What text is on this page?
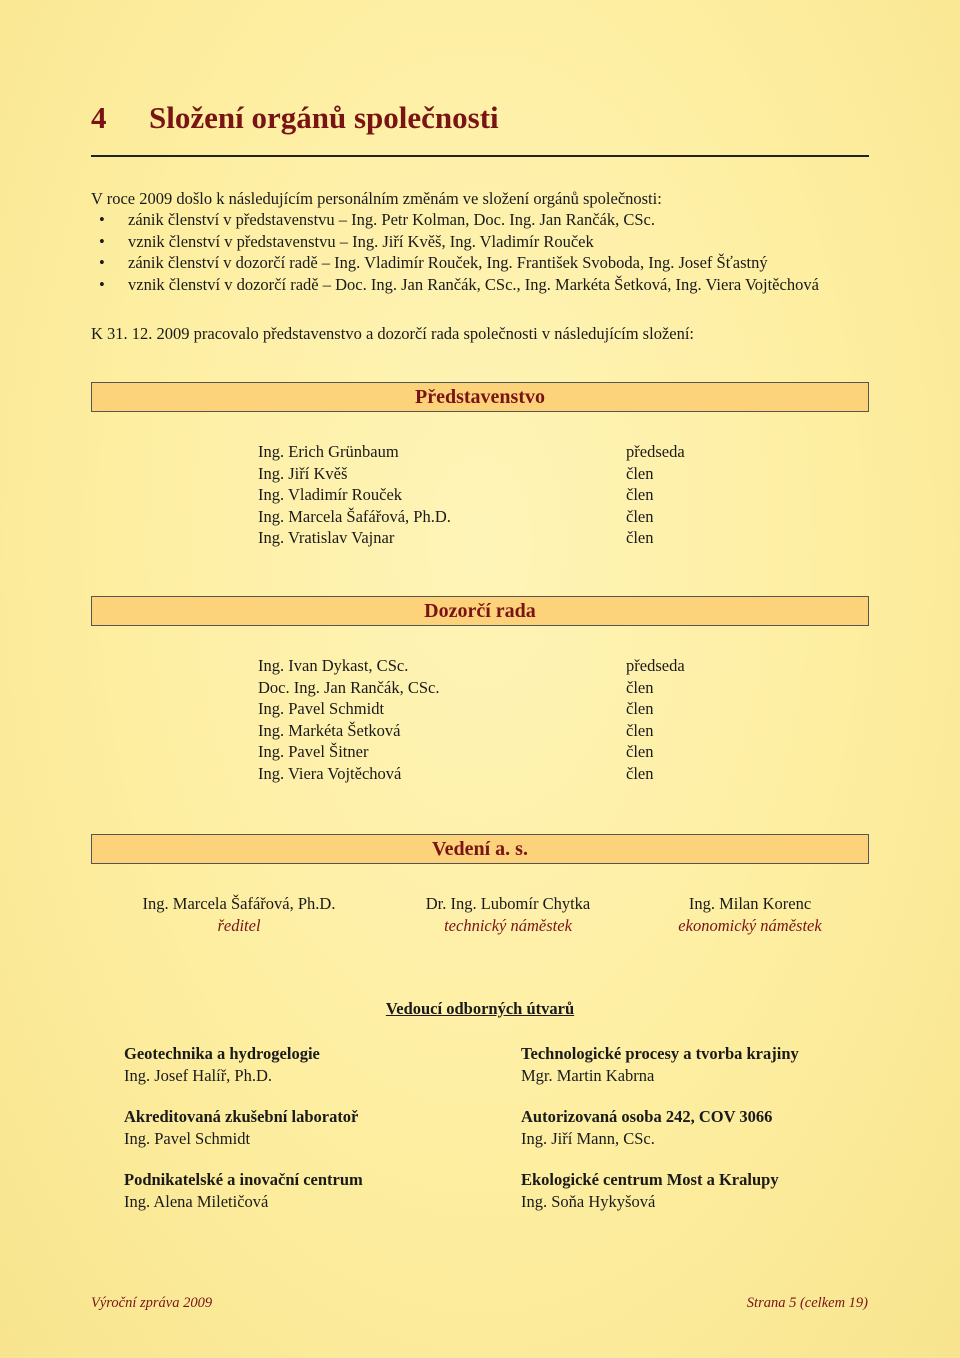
4 Složení orgánů společnosti
V roce 2009 došlo k následujícím personálním změnám ve složení orgánů společnosti:
• zánik členství v představenstvu – Ing. Petr Kolman, Doc. Ing. Jan Rančák, CSc.
• vznik členství v představenstvu – Ing. Jiří Kvěš, Ing. Vladimír Rouček
• zánik členství v dozorčí radě – Ing. Vladimír Rouček, Ing. František Svoboda, Ing. Josef Šťastný
• vznik členství v dozorčí radě – Doc. Ing. Jan Rančák, CSc., Ing. Markéta Šetková, Ing. Viera Vojtěchová
K 31. 12. 2009 pracovalo představenstvo a dozorčí rada společnosti v následujícím složení:
Představenstvo
Ing. Erich Grünbaum
Ing. Jiří Kvěš
Ing. Vladimír Rouček
Ing. Marcela Šafářová, Ph.D.
Ing. Vratislav Vajnar
předseda
člen
člen
člen
člen
Dozorčí rada
Ing. Ivan Dykast, CSc.
Doc. Ing. Jan Rančák, CSc.
Ing. Pavel Schmidt
Ing. Markéta Šetková
Ing. Pavel Šitner
Ing. Viera Vojtěchová
předseda
člen
člen
člen
člen
člen
Vedení a. s.
Ing. Marcela Šafářová, Ph.D.
ředitel
Dr. Ing. Lubomír Chytka
technický náměstek
Ing. Milan Korenc
ekonomický náměstek
Vedoucí odborných útvarů
Geotechnika a hydrogelogie
Ing. Josef Halíř, Ph.D.
Technologické procesy a tvorba krajiny
Mgr. Martin Kabrna
Akreditovaná zkušební laboratoř
Ing. Pavel Schmidt
Autorizovaná osoba 242, COV 3066
Ing. Jiří Mann, CSc.
Podnikatelské a inovační centrum
Ing. Alena Miletičová
Ekologické centrum Most a Kralupy
Ing. Soňa Hykyšová
Výroční zpráva 2009	Strana 5 (celkem 19)
